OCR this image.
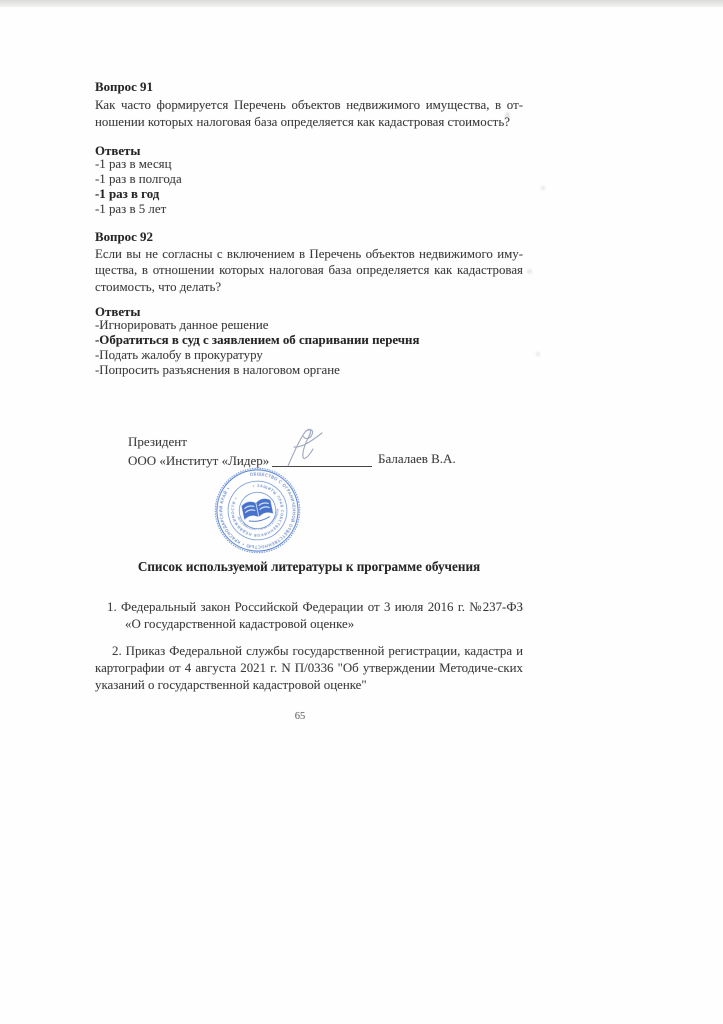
Вопрос 91
Как часто формируется Перечень объектов недвижимого имущества, в от-
ношении которых налоговая база определяется как кадастровая стоимость?
Ответы
-1 раз в месяц
-1 раз в полгода
-1 раз в год
-1 раз в 5 лет
Вопрос 92
Если вы не согласны с включением в Перечень объектов недвижимого иму-
щества, в отношении которых налоговая база определяется как кадастровая
стоимость, что делать?
Ответы
-Игнорировать данное решение
-Обратиться в суд с заявлением об спаривании перечня
-Подать жалобу в прокуратуру
-Попросить разъяснения в налоговом органе
Президент
ООО «Институт «Лидер»	Балалаев В.А.
ОБЩЕСТВО С ОГРАНИЧЕННОЙ ОТВЕТСТВЕННОСТЬЮ • КРАСНОДАРСКИЙ КРАЙ •	• ЗАЩИТЫ ПРАВ СОБСТВЕННИКОВ НЕДВИЖИМОСТИ •
ИНН 2308231057 • ОГРН 1172375098254
Список используемой литературы к программе обучения
1. Федеральный закон Российской Федерации от 3 июля 2016 г. №237-ФЗ
«О государственной кадастровой оценке»
2. Приказ Федеральной службы государственной регистрации, кадастра и
картографии от 4 августа 2021 г. N П/0336 "Об утверждении Методиче-ских
указаний о государственной кадастровой оценке"
65
